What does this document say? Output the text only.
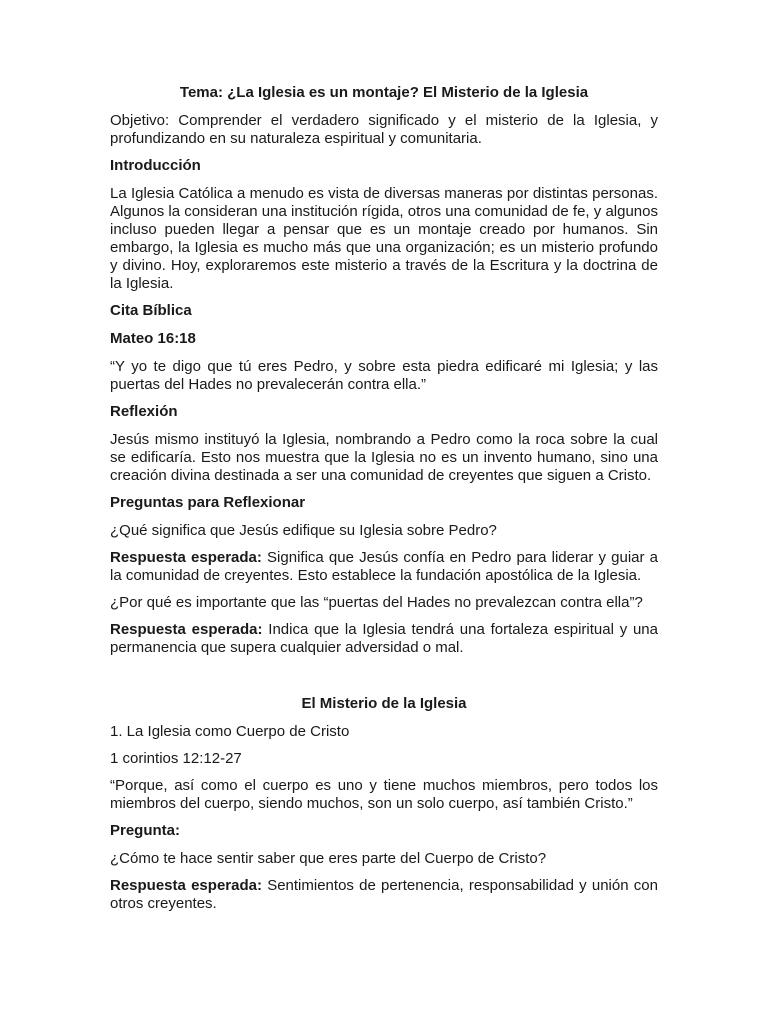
Tema: ¿La Iglesia es un montaje? El Misterio de la Iglesia

Objetivo: Comprender el verdadero significado y el misterio de la Iglesia, y profundizando en su naturaleza espiritual y comunitaria.

Introducción

La Iglesia Católica a menudo es vista de diversas maneras por distintas personas. Algunos la consideran una institución rígida, otros una comunidad de fe, y algunos incluso pueden llegar a pensar que es un montaje creado por humanos. Sin embargo, la Iglesia es mucho más que una organización; es un misterio profundo y divino. Hoy, exploraremos este misterio a través de la Escritura y la doctrina de la Iglesia.

Cita Bíblica

Mateo 16:18

“Y yo te digo que tú eres Pedro, y sobre esta piedra edificaré mi Iglesia; y las puertas del Hades no prevalecerán contra ella.”

Reflexión

Jesús mismo instituyó la Iglesia, nombrando a Pedro como la roca sobre la cual se edificaría. Esto nos muestra que la Iglesia no es un invento humano, sino una creación divina destinada a ser una comunidad de creyentes que siguen a Cristo.

Preguntas para Reflexionar

¿Qué significa que Jesús edifique su Iglesia sobre Pedro?

Respuesta esperada: Significa que Jesús confía en Pedro para liderar y guiar a la comunidad de creyentes. Esto establece la fundación apostólica de la Iglesia.

¿Por qué es importante que las “puertas del Hades no prevalezcan contra ella”?

Respuesta esperada: Indica que la Iglesia tendrá una fortaleza espiritual y una permanencia que supera cualquier adversidad o mal.

El Misterio de la Iglesia

1. La Iglesia como Cuerpo de Cristo

1 corintios 12:12-27

“Porque, así como el cuerpo es uno y tiene muchos miembros, pero todos los miembros del cuerpo, siendo muchos, son un solo cuerpo, así también Cristo.”

Pregunta:

¿Cómo te hace sentir saber que eres parte del Cuerpo de Cristo?

Respuesta esperada: Sentimientos de pertenencia, responsabilidad y unión con otros creyentes.
